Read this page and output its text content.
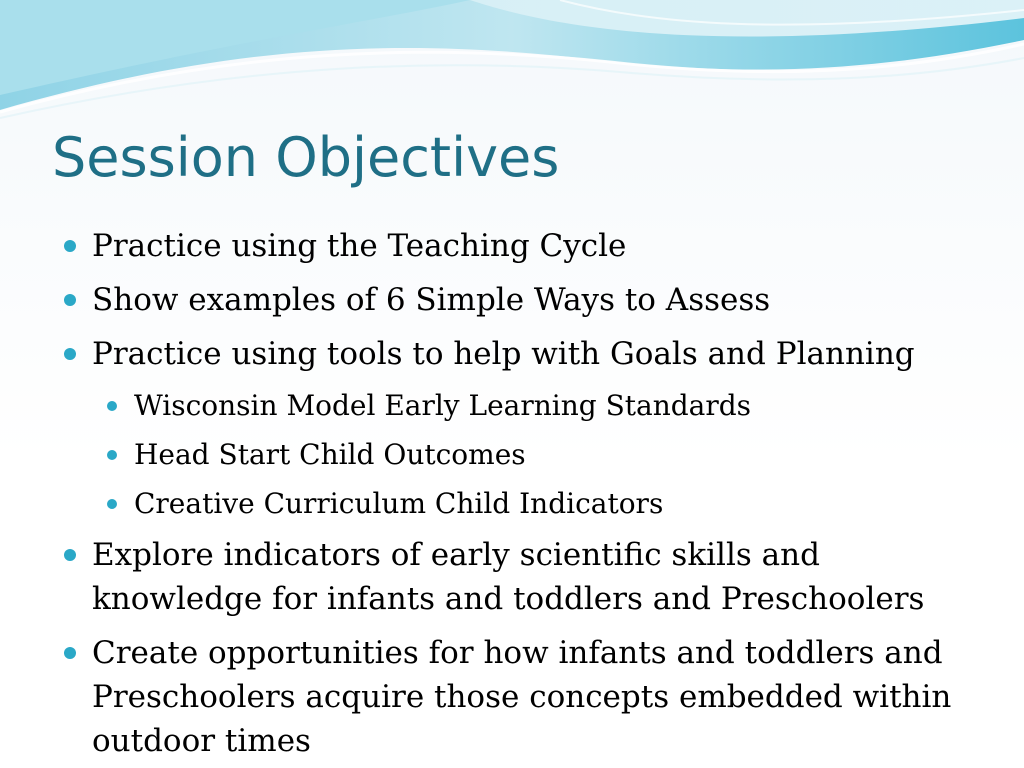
Session Objectives
Practice using the Teaching Cycle
Show examples of 6 Simple Ways to Assess
Practice using tools to help with Goals and Planning
Wisconsin Model Early Learning Standards
Head Start Child Outcomes
Creative Curriculum Child Indicators
Explore indicators of early scientific skills and knowledge for infants and toddlers and Preschoolers
Create opportunities for how infants and toddlers and Preschoolers acquire those concepts embedded within outdoor times
